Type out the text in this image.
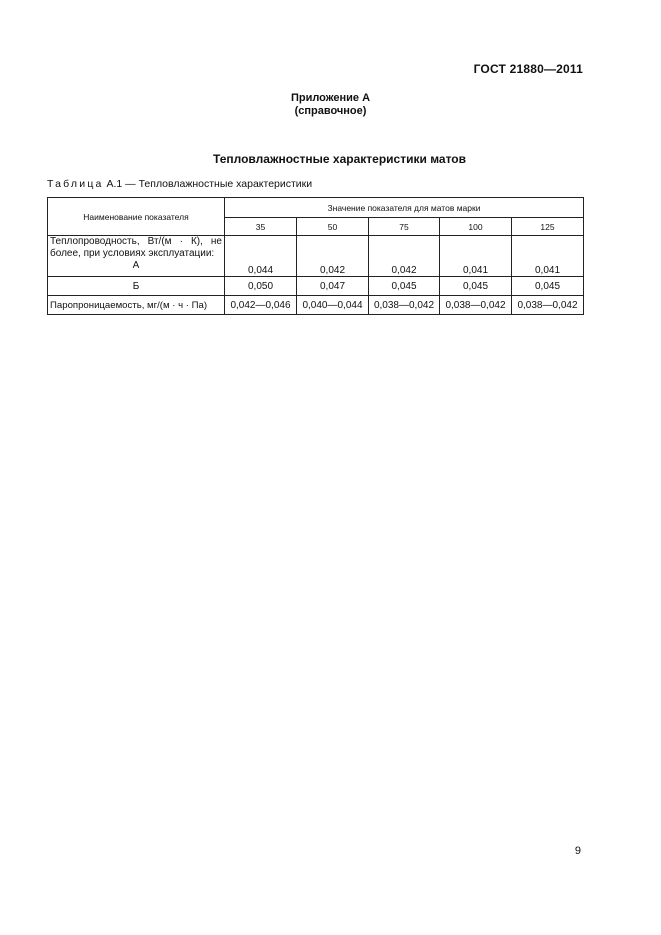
ГОСТ 21880—2011
Приложение А
(справочное)
Тепловлажностные характеристики матов
Таблица А.1 — Тепловлажностные характеристики
Наименование показателя	Значение показателя для матов марки				
	35	50	75	100	125
Теплопроводность, Вт/(м · К), не более, при условиях эксплуатации:
А	0,044	0,042	0,042	0,041	0,041
Б	0,050	0,047	0,045	0,045	0,045
Паропроницаемость, мг/(м · ч · Па)	0,042—0,046	0,040—0,044	0,038—0,042	0,038—0,042	0,038—0,042
9
